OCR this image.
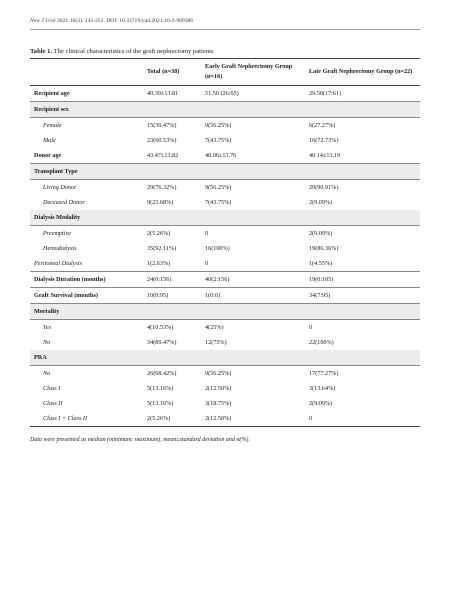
New J Urol 2021;16(3): 245-253. DOI: 10.33719/yud.2021;16-3-909386
Table 1. The clinical characteristics of the graft nephrectomy patients
	Total (n=38)	Early Graft Nephrectomy Group (n=16)	Late Graft Nephrectomy Group (n=22)
Recipient age	40.39±13.81	51.50 (26:65)	29.50(17:61)
Recipient sex			
Female	15(39.47%)	9(56.25%)	6(27.27%)
Male	23(60.53%)	7(43.75%)	16(72.73%)
Donor age	43.47±13.82	48.06±13.76	40.14±13.19
Transplant Type			
Living Donor	29(76.32%)	9(56.25%)	20(90.91%)
Deceased Donor	9(23.68%)	7(43.75%)	2(9.09%)
Dialysis Modality			
Preemptive	2(5.26%)	0	2(9.09%)
Hemodialysis	35(92.11%)	16(100%)	19(86.36%)
Peritoneal Dialysis	1(2.63%)	0	1(4.55%)
Dialysis Duration (months)	24(0:156)	40(2:156)	19(0:105)
Graft Survival (months)	10(0:95)	1(0:6)	34(7:95)
Mortality			
Yes	4(10.53%)	4(25%)	0
No	34(89.47%)	12(75%)	22(100%)
PRA			
No	26(68.42%)	9(56.25%)	17(77.27%)
Class I	5(13.16%)	2(12.50%)	3(13.64%)
Class II	5(13.16%)	3(18.75%)	2(9.09%)
Class I + Class II	2(5.26%)	2(12.50%)	0
Data were presented as median (minimum: maximum), mean±standard deviation and n(%).
